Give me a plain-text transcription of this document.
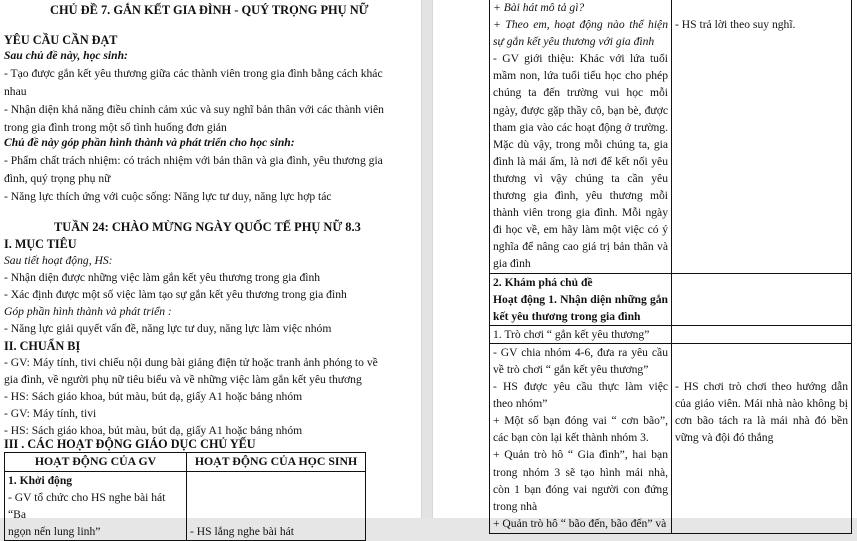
CHỦ ĐỀ 7. GẮN KẾT GIA ĐÌNH - QUÝ TRỌNG PHỤ NỮ
YÊU CẦU CẦN ĐẠT
Sau chủ đề này, học sinh:
- Tạo được gắn kết yêu thương giữa các thành viên trong gia đình bằng cách khác
nhau
- Nhận diện khả năng điều chỉnh cảm xúc và suy nghĩ bản thân với các thành viên
trong gia đình trong một số tình huống đơn giản
Chủ đề này góp phần hình thành và phát triển cho học sinh:
- Phẩm chất trách nhiệm: có trách nhiệm với bản thân và gia đình, yêu thương gia
đình, quý trọng phụ nữ
- Năng lực thích ứng với cuộc sống: Năng lực tư duy, năng lực hợp tác
TUẦN 24: CHÀO MỪNG NGÀY QUỐC TẾ PHỤ NỮ 8.3
I. MỤC TIÊU
Sau tiết hoạt động, HS:
- Nhận diện được những việc làm gắn kết yêu thương trong gia đình
- Xác định được một số việc làm tạo sự gắn kết yêu thương trong gia đình
Góp phần hình thành và phát triển :
- Năng lực giải quyết vấn đề, năng lực tư duy, năng lực làm việc nhóm
II. CHUẨN BỊ
- GV: Máy tính, tivi chiếu nội dung bài giảng điện tử hoặc tranh ảnh phóng to về
gia đình, về người phụ nữ tiêu biểu và về những việc làm gắn kết yêu thương
- HS: Sách giáo khoa, bút màu, bút dạ, giấy A1 hoặc bảng nhóm
- GV: Máy tính, tivi
- HS: Sách giáo khoa, bút màu, bút dạ, giấy A1 hoặc bảng nhóm
III . CÁC HOẠT ĐỘNG GIÁO DỤC CHỦ YẾU
HOẠT ĐỘNG CỦA GV	HOẠT ĐỘNG CỦA HỌC SINH

1. Khởi động
- GV tổ chức cho HS nghe bài hát “Ba
ngọn nến lung linh”	- HS lắng nghe bài hát
+ Bài hát mô tả gì?
+ Theo em, hoạt động nào thể hiện sự gắn kết yêu thương với gia đình
- GV giới thiệu: Khác với lứa tuổi mầm non, lứa tuổi tiểu học cho phép chúng ta đến trường vui học mỗi ngày, được gặp thầy cô, bạn bè, được tham gia vào các hoạt động ở trường. Mặc dù vậy, trong mỗi chúng ta, gia đình là mái ấm, là nơi để kết nối yêu thương vì vậy chúng ta cần yêu thương gia đình, yêu thương mỗi thành viên trong gia đình. Mỗi ngày đi học về, em hãy làm một việc có ý nghĩa để nâng cao giá trị bản thân và gia đình	- HS trả lời theo suy nghĩ.

2. Khám phá chủ đề
Hoạt động 1. Nhận diện những gắn kết yêu thương trong gia đình	

1. Trò chơi “ gắn kết yêu thương”	

- GV chia nhóm 4-6, đưa ra yêu cầu về trò chơi “ gắn kết yêu thương”
- HS được yêu cầu thực làm việc theo nhóm”
+ Một số bạn đóng vai “ cơn bão”, các bạn còn lại kết thành nhóm 3.
+ Quản trò hô “ Gia đình”, hai bạn trong nhóm 3 sẽ tạo hình mái nhà, còn 1 bạn đóng vai người con đứng trong nhà
+ Quản trò hô “ bão đến, bão đến” và	- HS chơi trò chơi theo hướng dẫn của giáo viên. Mái nhà nào không bị cơn bão tách ra là mái nhà đó bền vững và đội đó thắng
